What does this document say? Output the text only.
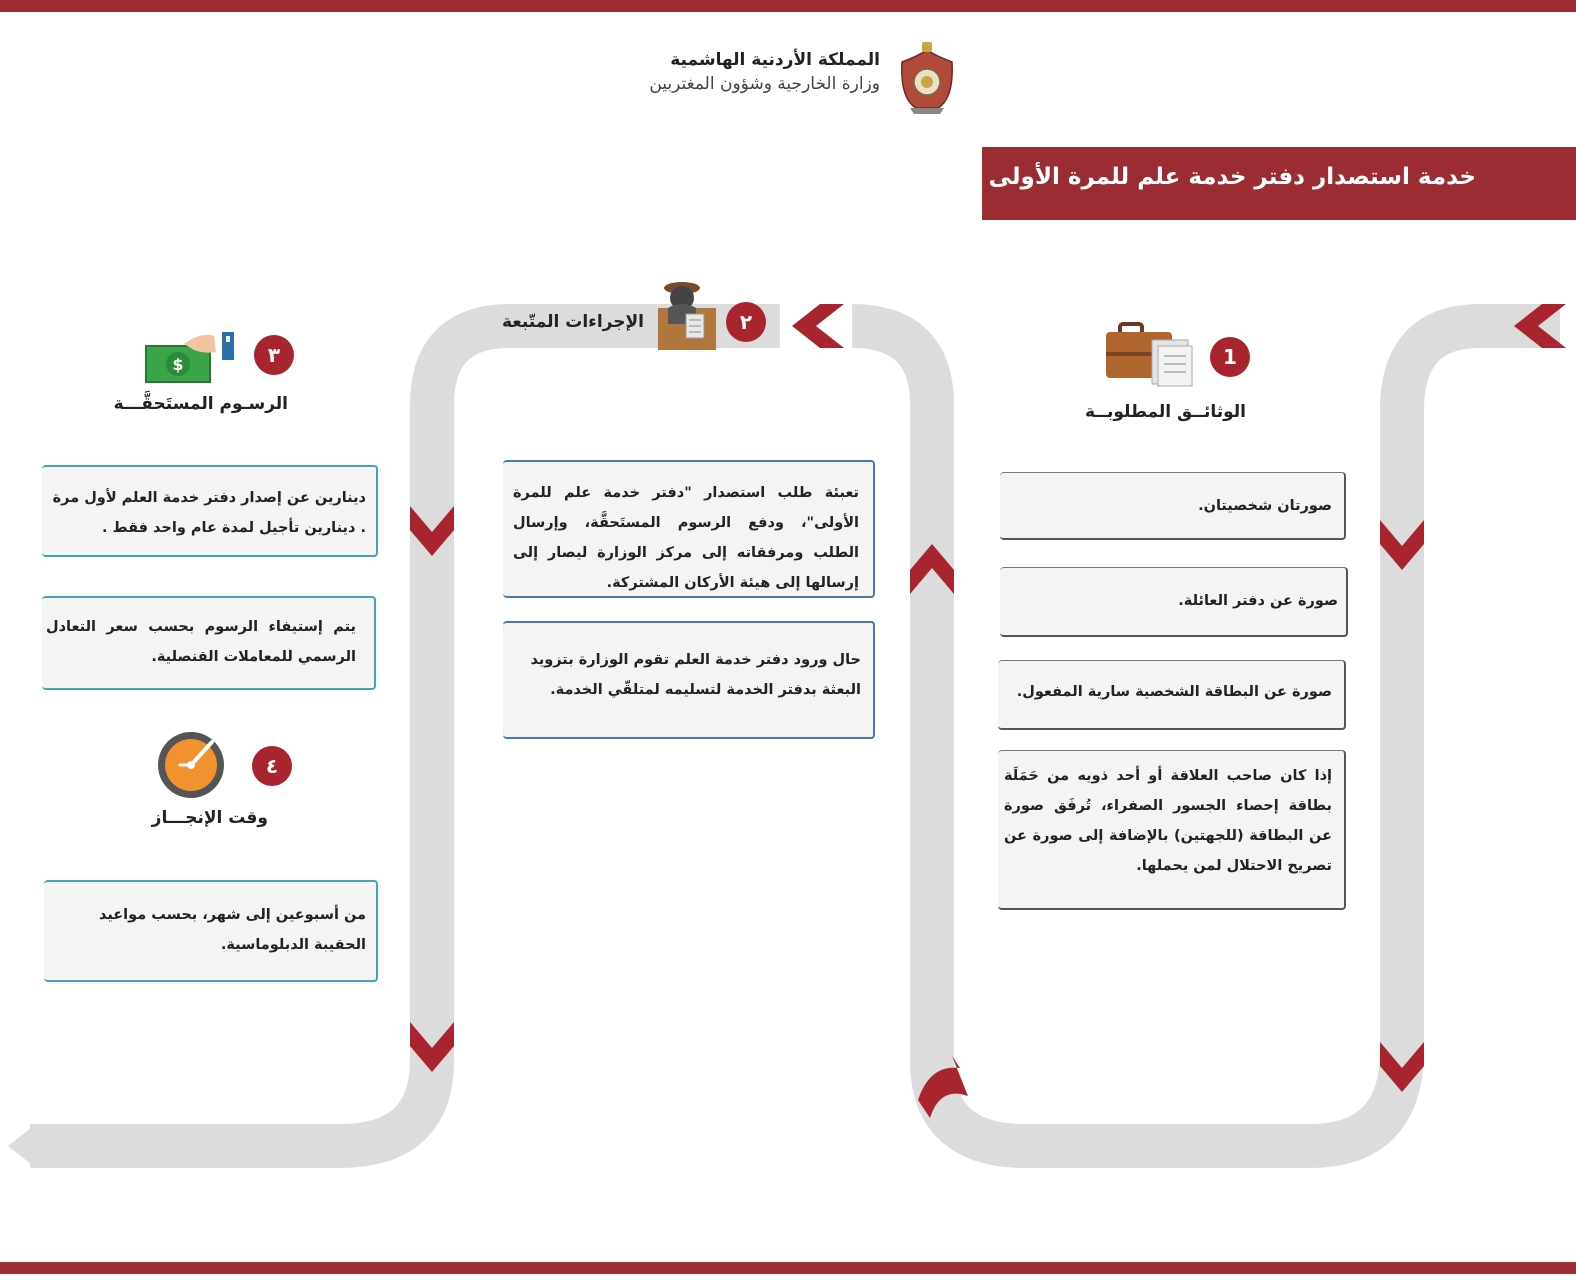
المملكة الأردنية الهاشمية
وزارة الخارجية وشؤون المغتربين
خدمة استصدار دفتر خدمة علم للمرة الأولى
1
الوثائــق المطلوبــة
صورتان شخصيتان.
صورة عن دفتر العائلة.
صورة عن البطاقة الشخصية سارية المفعول.
إذا كان صاحب العلاقة أو أحد ذويه من حَمَلَة بطاقة إحصاء الجسور الصفراء، تُرفَق صورة عن البطاقة (للجهتين) بالإضافة إلى صورة عن تصريح الاحتلال لمن يحملها.
٢
الإجراءات المتّبعة
تعبئة طلب استصدار "دفتر خدمة علم للمرة الأولى"، ودفع الرسوم المستَحقَّة، وإرسال الطلب ومرفقاته إلى مركز الوزارة ليصار إلى إرسالها إلى هيئة الأركان المشتركة.
حال ورود دفتر خدمة العلم تقوم الوزارة بتزويد البعثة بدفتر الخدمة لتسليمه لمتلقّي الخدمة.
٣
$
الرسـوم المستَحقَّـــة
دينارين عن إصدار دفتر خدمة العلم لأول مرة . دينارين تأجيل لمدة عام واحد فقط .
يتم إستيفاء الرسوم بحسب سعر التعادل الرسمي للمعاملات القنصلية.
٤
وقت الإنجـــاز
من أسبوعين إلى شهر، بحسب مواعيد الحقيبة الدبلوماسية.
